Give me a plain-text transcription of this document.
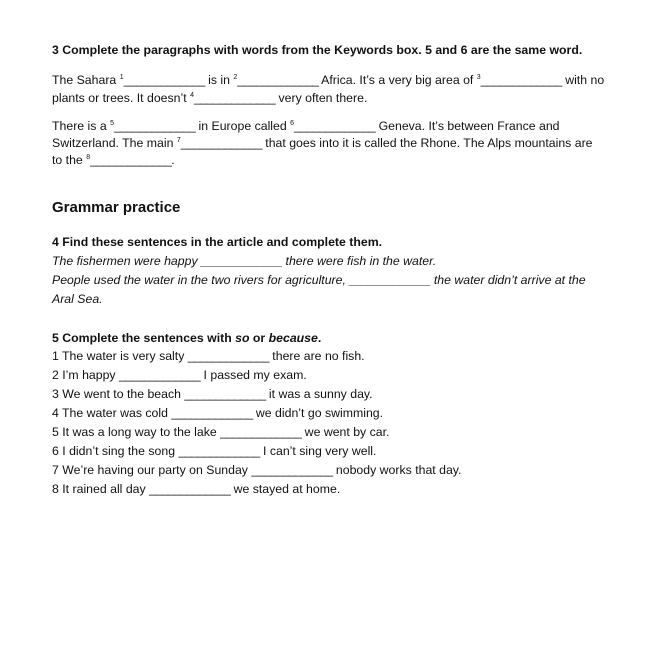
3 Complete the paragraphs with words from the Keywords box. 5 and 6 are the same word.
The Sahara $^1$_____________ is in $^2$_____________ Africa. It’s a very big area of $^3$_____________ with no
plants or trees. It doesn’t $^4$_____________ very often there.
There is a $^5$_____________ in Europe called $^6$_____________ Geneva. It’s between France and
Switzerland. The main $^7$_____________ that goes into it is called the Rhone. The Alps mountains are
to the $^8$_____________.
Grammar practice
4 Find these sentences in the article and complete them.
The fishermen were happy _____________ there were fish in the water.
People used the water in the two rivers for agriculture, _____________ the water didn’t arrive at the
Aral Sea.
5 Complete the sentences with so or because.
1 The water is very salty _____________ there are no fish.
2 I’m happy _____________ I passed my exam.
3 We went to the beach _____________ it was a sunny day.
4 The water was cold _____________ we didn’t go swimming.
5 It was a long way to the lake _____________ we went by car.
6 I didn’t sing the song _____________ I can’t sing very well.
7 We’re having our party on Sunday _____________ nobody works that day.
8 It rained all day _____________ we stayed at home.
